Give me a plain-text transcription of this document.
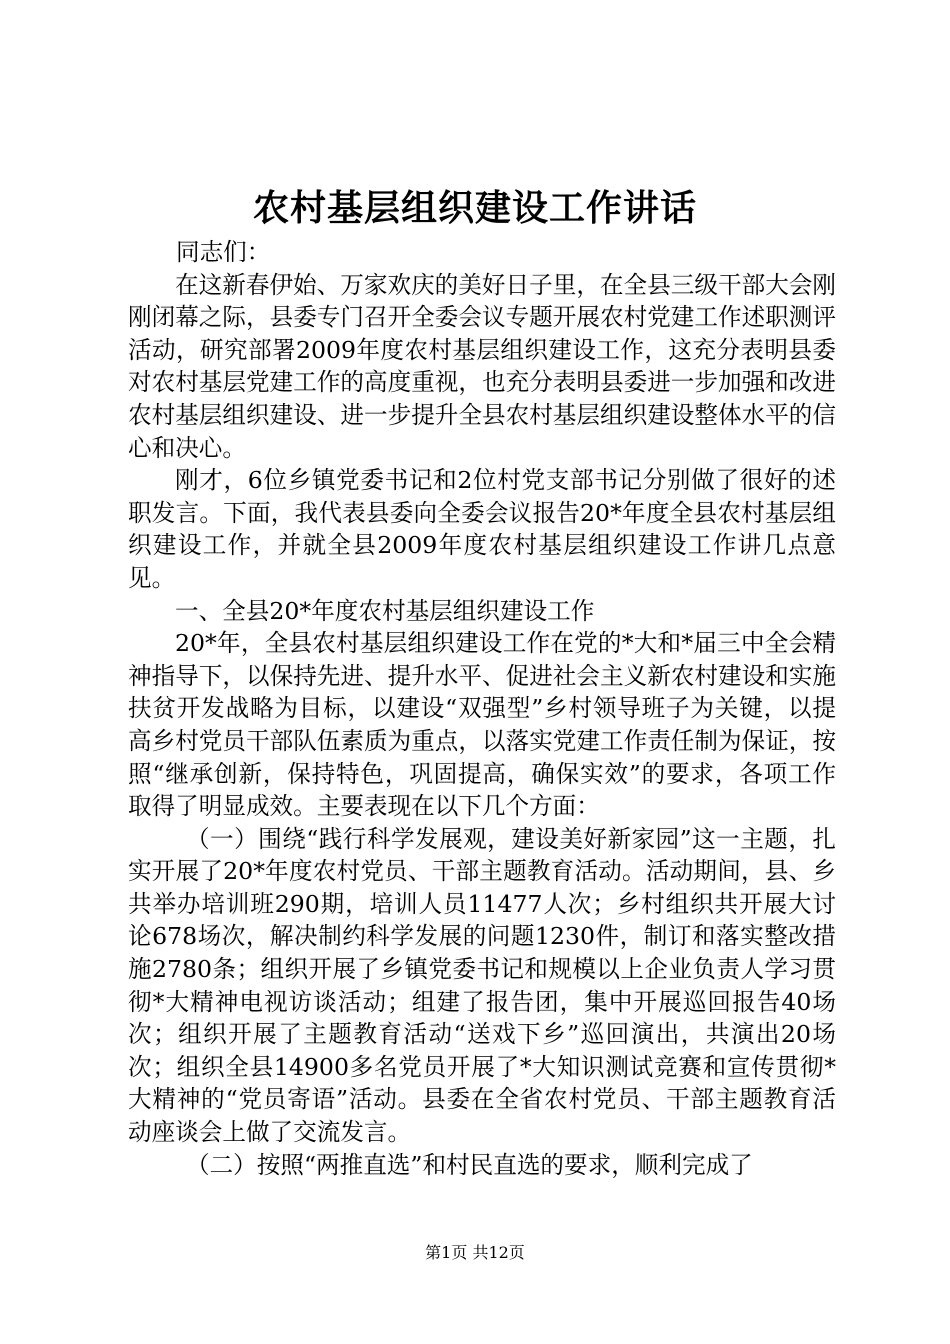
农村基层组织建设工作讲话

同志们：

在这新春伊始、万家欢庆的美好日子里，在全县三级干部大会刚刚闭幕之际，县委专门召开全委会议专题开展农村党建工作述职测评活动，研究部署2009年度农村基层组织建设工作，这充分表明县委对农村基层党建工作的高度重视，也充分表明县委进一步加强和改进农村基层组织建设、进一步提升全县农村基层组织建设整体水平的信心和决心。

刚才，6位乡镇党委书记和2位村党支部书记分别做了很好的述职发言。下面，我代表县委向全委会议报告20*年度全县农村基层组织建设工作，并就全县2009年度农村基层组织建设工作讲几点意见。

一、全县20*年度农村基层组织建设工作

20*年，全县农村基层组织建设工作在党的*大和*届三中全会精神指导下，以保持先进、提升水平、促进社会主义新农村建设和实施扶贫开发战略为目标，以建设“双强型”乡村领导班子为关键，以提高乡村党员干部队伍素质为重点，以落实党建工作责任制为保证，按照“继承创新，保持特色，巩固提高，确保实效”的要求，各项工作取得了明显成效。主要表现在以下几个方面：

（一）围绕“践行科学发展观，建设美好新家园”这一主题，扎实开展了20*年度农村党员、干部主题教育活动。活动期间，县、乡共举办培训班290期，培训人员11477人次；乡村组织共开展大讨论678场次，解决制约科学发展的问题1230件，制订和落实整改措施2780条；组织开展了乡镇党委书记和规模以上企业负责人学习贯彻*大精神电视访谈活动；组建了报告团，集中开展巡回报告40场次；组织开展了主题教育活动“送戏下乡”巡回演出，共演出20场次；组织全县14900多名党员开展了*大知识测试竞赛和宣传贯彻*大精神的“党员寄语”活动。县委在全省农村党员、干部主题教育活动座谈会上做了交流发言。

（二）按照“两推直选”和村民直选的要求，顺利完成了

第1页 共12页
